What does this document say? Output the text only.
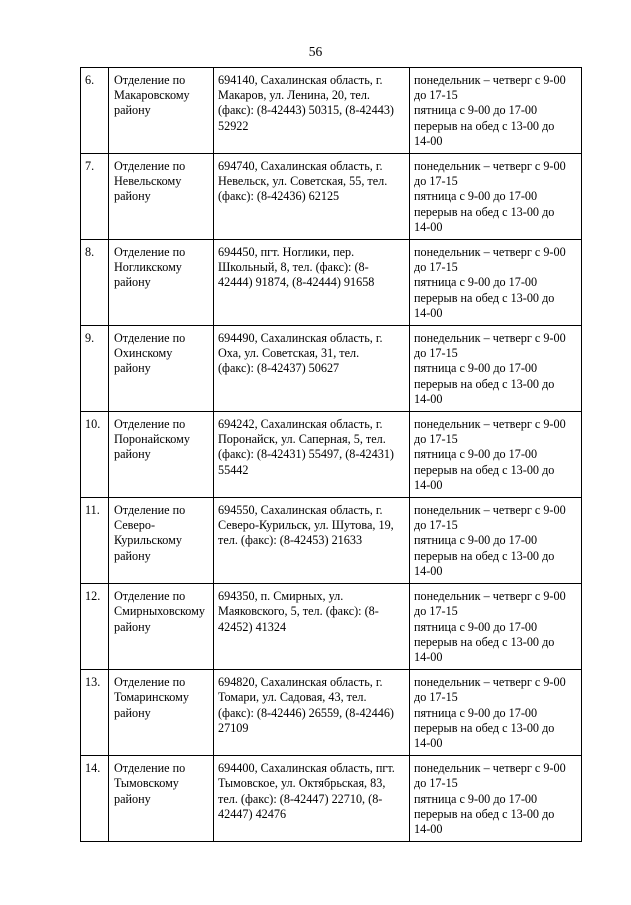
56
6.	Отделение по
Макаровскому
району	694140, Сахалинская область, г.
Макаров, ул. Ленина, 20, тел.
(факс): (8-42443) 50315, (8-42443)
52922	понедельник – четверг с 9-00
до 17-15
пятница с 9-00 до 17-00
перерыв на обед с 13-00 до
14-00

7.	Отделение по
Невельскому
району	694740, Сахалинская область, г.
Невельск, ул. Советская, 55, тел.
(факс): (8-42436) 62125	понедельник – четверг с 9-00
до 17-15
пятница с 9-00 до 17-00
перерыв на обед с 13-00 до
14-00

8.	Отделение по
Ногликскому
району	694450, пгт. Ноглики, пер.
Школьный, 8, тел. (факс): (8-
42444) 91874, (8-42444) 91658	понедельник – четверг с 9-00
до 17-15
пятница с 9-00 до 17-00
перерыв на обед с 13-00 до
14-00

9.	Отделение по
Охинскому
району	694490, Сахалинская область, г.
Оха, ул. Советская, 31, тел.
(факс): (8-42437) 50627	понедельник – четверг с 9-00
до 17-15
пятница с 9-00 до 17-00
перерыв на обед с 13-00 до
14-00

10.	Отделение по
Поронайскому
району	694242, Сахалинская область, г.
Поронайск, ул. Саперная, 5, тел.
(факс): (8-42431) 55497, (8-42431)
55442	понедельник – четверг с 9-00
до 17-15
пятница с 9-00 до 17-00
перерыв на обед с 13-00 до
14-00

11.	Отделение по
Северо-
Курильскому
району	694550, Сахалинская область, г.
Северо-Курильск, ул. Шутова, 19,
тел. (факс): (8-42453) 21633	понедельник – четверг с 9-00
до 17-15
пятница с 9-00 до 17-00
перерыв на обед с 13-00 до
14-00

12.	Отделение по
Смирныховскому
району	694350, п. Смирных, ул.
Маяковского, 5, тел. (факс): (8-
42452) 41324	понедельник – четверг с 9-00
до 17-15
пятница с 9-00 до 17-00
перерыв на обед с 13-00 до
14-00

13.	Отделение по
Томаринскому
району	694820, Сахалинская область, г.
Томари, ул. Садовая, 43, тел.
(факс): (8-42446) 26559, (8-42446)
27109	понедельник – четверг с 9-00
до 17-15
пятница с 9-00 до 17-00
перерыв на обед с 13-00 до
14-00

14.	Отделение по
Тымовскому
району	694400, Сахалинская область, пгт.
Тымовское, ул. Октябрьская, 83,
тел. (факс): (8-42447) 22710, (8-
42447) 42476	понедельник – четверг с 9-00
до 17-15
пятница с 9-00 до 17-00
перерыв на обед с 13-00 до
14-00
